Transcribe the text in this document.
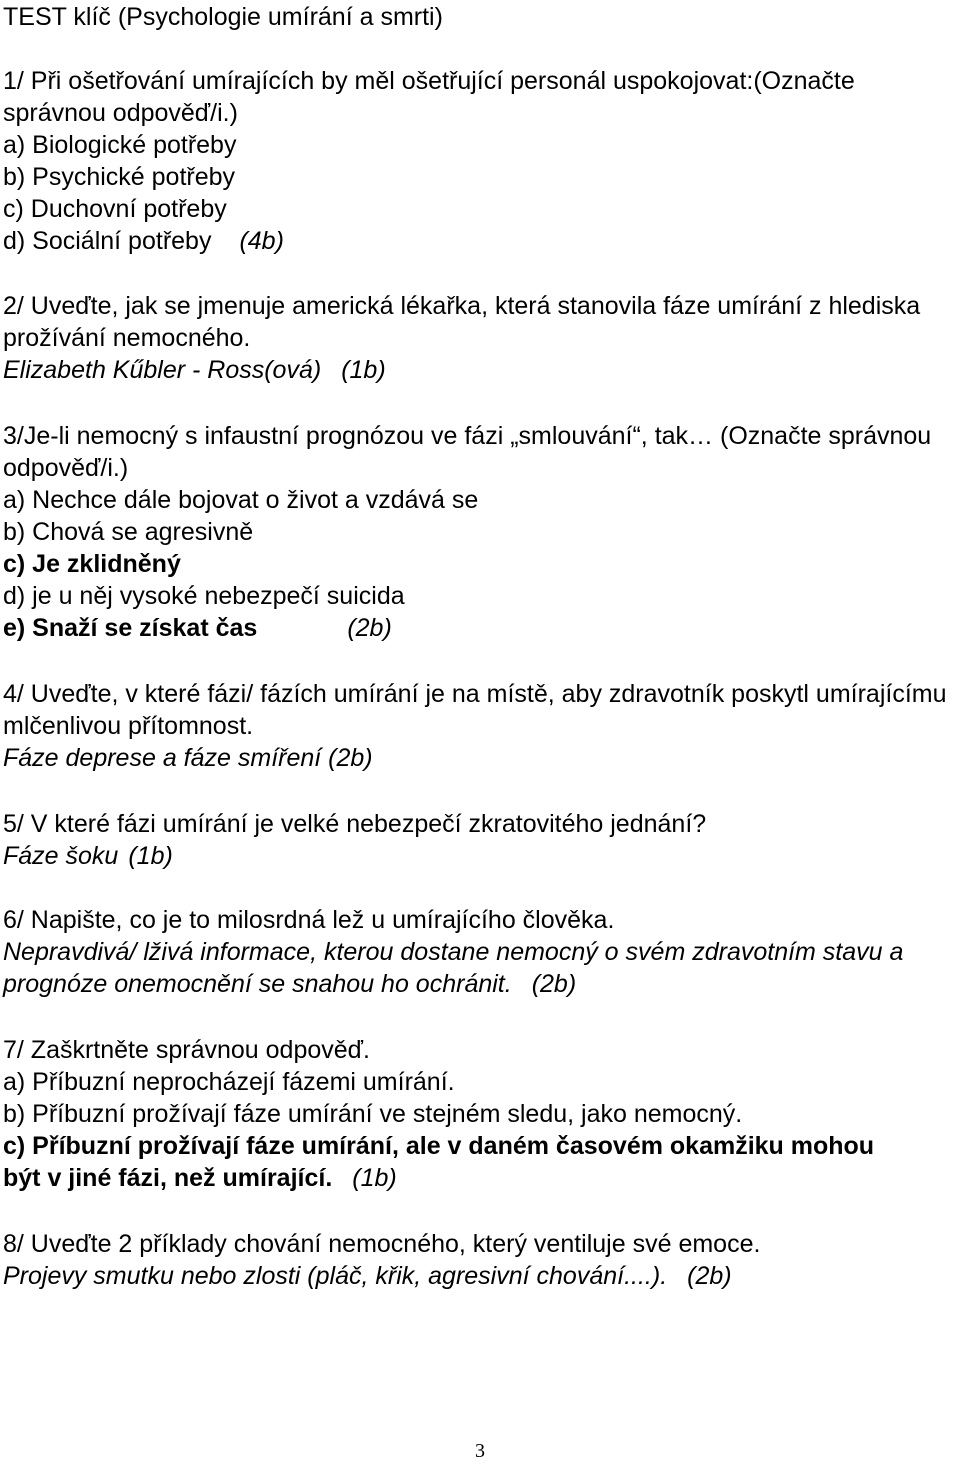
TEST klíč (Psychologie umírání a smrti)
1/ Při ošetřování umírajících by měl ošetřující personál uspokojovat:(Označte správnou odpověď/i.)
a) Biologické potřeby
b) Psychické potřeby
c) Duchovní potřeby
d) Sociální potřeby (4b)
2/ Uveďte, jak se jmenuje americká lékařka, která stanovila fáze umírání z hlediska prožívání nemocného.
Elizabeth Kűbler - Ross(ová) (1b)
3/Je-li nemocný s infaustní prognózou ve fázi „smlouvání“, tak… (Označte správnou odpověď/i.)
a) Nechce dále bojovat o život a vzdává se
b) Chová se agresivně
c) Je zklidněný
d) je u něj vysoké nebezpečí suicida
e) Snaží se získat čas	(2b)
4/ Uveďte, v které fázi/ fázích umírání je na místě, aby zdravotník poskytl umírajícímu mlčenlivou přítomnost.
Fáze deprese a fáze smíření (2b)
5/ V které fázi umírání je velké nebezpečí zkratovitého jednání?
Fáze šoku (1b)
6/ Napište, co je to milosrdná lež u umírajícího člověka.
Nepravdivá/ lživá informace, kterou dostane nemocný o svém zdravotním stavu a prognóze onemocnění se snahou ho ochránit. (2b)
7/ Zaškrtněte správnou odpověď.
a) Příbuzní neprocházejí fázemi umírání.
b) Příbuzní prožívají fáze umírání ve stejném sledu, jako nemocný.
c) Příbuzní prožívají fáze umírání, ale v daném časovém okamžiku mohou být v jiné fázi, než umírající. (1b)
8/ Uveďte 2 příklady chování nemocného, který ventiluje své emoce.
Projevy smutku nebo zlosti (pláč, křik, agresivní chování....). (2b)
3
